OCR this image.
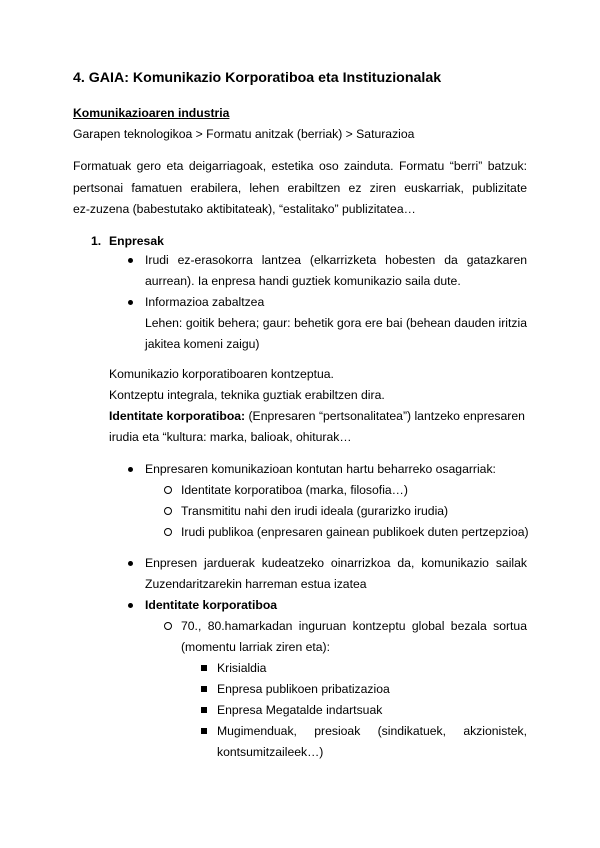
4. GAIA: Komunikazio Korporatiboa eta Instituzionalak
Komunikazioaren industria
Garapen teknologikoa > Formatu anitzak (berriak) > Saturazioa
Formatuak gero eta deigarriagoak, estetika oso zainduta. Formatu “berri” batzuk:
pertsonai famatuen erabilera, lehen erabiltzen ez ziren euskarriak, publizitate
ez-zuzena (babestutako aktibitateak), “estalitako” publizitatea…
1. Enpresak
Irudi ez-erasokorra lantzea (elkarrizketa hobesten da gatazkaren
aurrean). Ia enpresa handi guztiek komunikazio saila dute.
Informazioa zabaltzea
Lehen: goitik behera; gaur: behetik gora ere bai (behean dauden iritzia
jakitea komeni zaigu)
Komunikazio korporatiboaren kontzeptua.
Kontzeptu integrala, teknika guztiak erabiltzen dira.
Identitate korporatiboa: (Enpresaren “pertsonalitatea”) lantzeko enpresaren
irudia eta “kultura: marka, balioak, ohiturak…
Enpresaren komunikazioan kontutan hartu beharreko osagarriak:
Identitate korporatiboa (marka, filosofia…)
Transmititu nahi den irudi ideala (gurarizko irudia)
Irudi publikoa (enpresaren gainean publikoek duten pertzepzioa)
Enpresen jarduerak kudeatzeko oinarrizkoa da, komunikazio sailak
Zuzendaritzarekin harreman estua izatea
Identitate korporatiboa
70., 80.hamarkadan inguruan kontzeptu global bezala sortua
(momentu larriak ziren eta):
Krisialdia
Enpresa publikoen pribatizazioa
Enpresa Megatalde indartsuak
Mugimenduak, presioak (sindikatuek, akzionistek,
kontsumitzaileek…)
